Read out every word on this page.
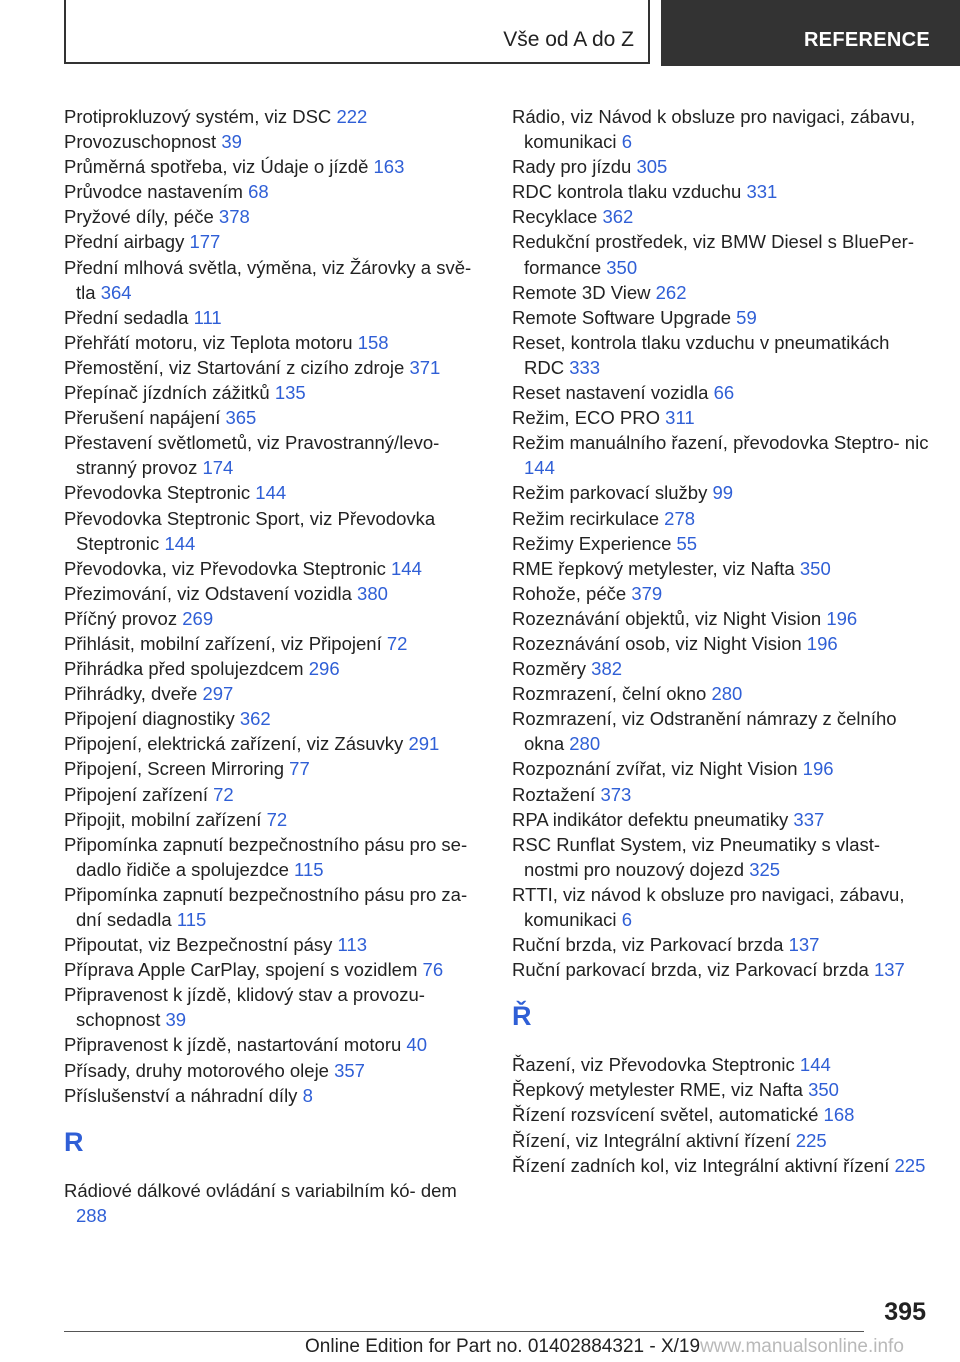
Vše od A do Z	REFERENCE
Protiprokluzový systém, viz DSC 222
Provozuschopnost 39
Průměrná spotřeba, viz Údaje o jízdě 163
Průvodce nastavením 68
Pryžové díly, péče 378
Přední airbagy 177
Přední mlhová světla, výměna, viz Žárovky a svě‐ tla 364
Přední sedadla 111
Přehřátí motoru, viz Teplota motoru 158
Přemostění, viz Startování z cizího zdroje 371
Přepínač jízdních zážitků 135
Přerušení napájení 365
Přestavení světlometů, viz Pravostranný/levo‐ stranný provoz 174
Převodovka Steptronic 144
Převodovka Steptronic Sport, viz Převodovka Steptronic 144
Převodovka, viz Převodovka Steptronic 144
Přezimování, viz Odstavení vozidla 380
Příčný provoz 269
Přihlásit, mobilní zařízení, viz Připojení 72
Přihrádka před spolujezdcem 296
Přihrádky, dveře 297
Připojení diagnostiky 362
Připojení, elektrická zařízení, viz Zásuvky 291
Připojení, Screen Mirroring 77
Připojení zařízení 72
Připojit, mobilní zařízení 72
Připomínka zapnutí bezpečnostního pásu pro se‐ dadlo řidiče a spolujezdce 115
Připomínka zapnutí bezpečnostního pásu pro za‐ dní sedadla 115
Připoutat, viz Bezpečnostní pásy 113
Příprava Apple CarPlay, spojení s vozidlem 76
Připravenost k jízdě, klidový stav a provozu‐ schopnost 39
Připravenost k jízdě, nastartování motoru 40
Přísady, druhy motorového oleje 357
Příslušenství a náhradní díly 8
R
Rádiové dálkové ovládání s variabilním kó‐ dem 288
Rádio, viz Návod k obsluze pro navigaci, zábavu, komunikaci 6
Rady pro jízdu 305
RDC kontrola tlaku vzduchu 331
Recyklace 362
Redukční prostředek, viz BMW Diesel s BluePer‐ formance 350
Remote 3D View 262
Remote Software Upgrade 59
Reset, kontrola tlaku vzduchu v pneumatikách RDC 333
Reset nastavení vozidla 66
Režim, ECO PRO 311
Režim manuálního řazení, převodovka Steptro‐ nic 144
Režim parkovací služby 99
Režim recirkulace 278
Režimy Experience 55
RME řepkový metylester, viz Nafta 350
Rohože, péče 379
Rozeznávání objektů, viz Night Vision 196
Rozeznávání osob, viz Night Vision 196
Rozměry 382
Rozmrazení, čelní okno 280
Rozmrazení, viz Odstranění námrazy z čelního okna 280
Rozpoznání zvířat, viz Night Vision 196
Roztažení 373
RPA indikátor defektu pneumatiky 337
RSC Runflat System, viz Pneumatiky s vlast‐ nostmi pro nouzový dojezd 325
RTTI, viz návod k obsluze pro navigaci, zábavu, komunikaci 6
Ruční brzda, viz Parkovací brzda 137
Ruční parkovací brzda, viz Parkovací brzda 137
Ř
Řazení, viz Převodovka Steptronic 144
Řepkový metylester RME, viz Nafta 350
Řízení rozsvícení světel, automatické 168
Řízení, viz Integrální aktivní řízení 225
Řízení zadních kol, viz Integrální aktivní řízení 225
395
Online Edition for Part no. 01402884321 - X/19www.manualsonline.info
